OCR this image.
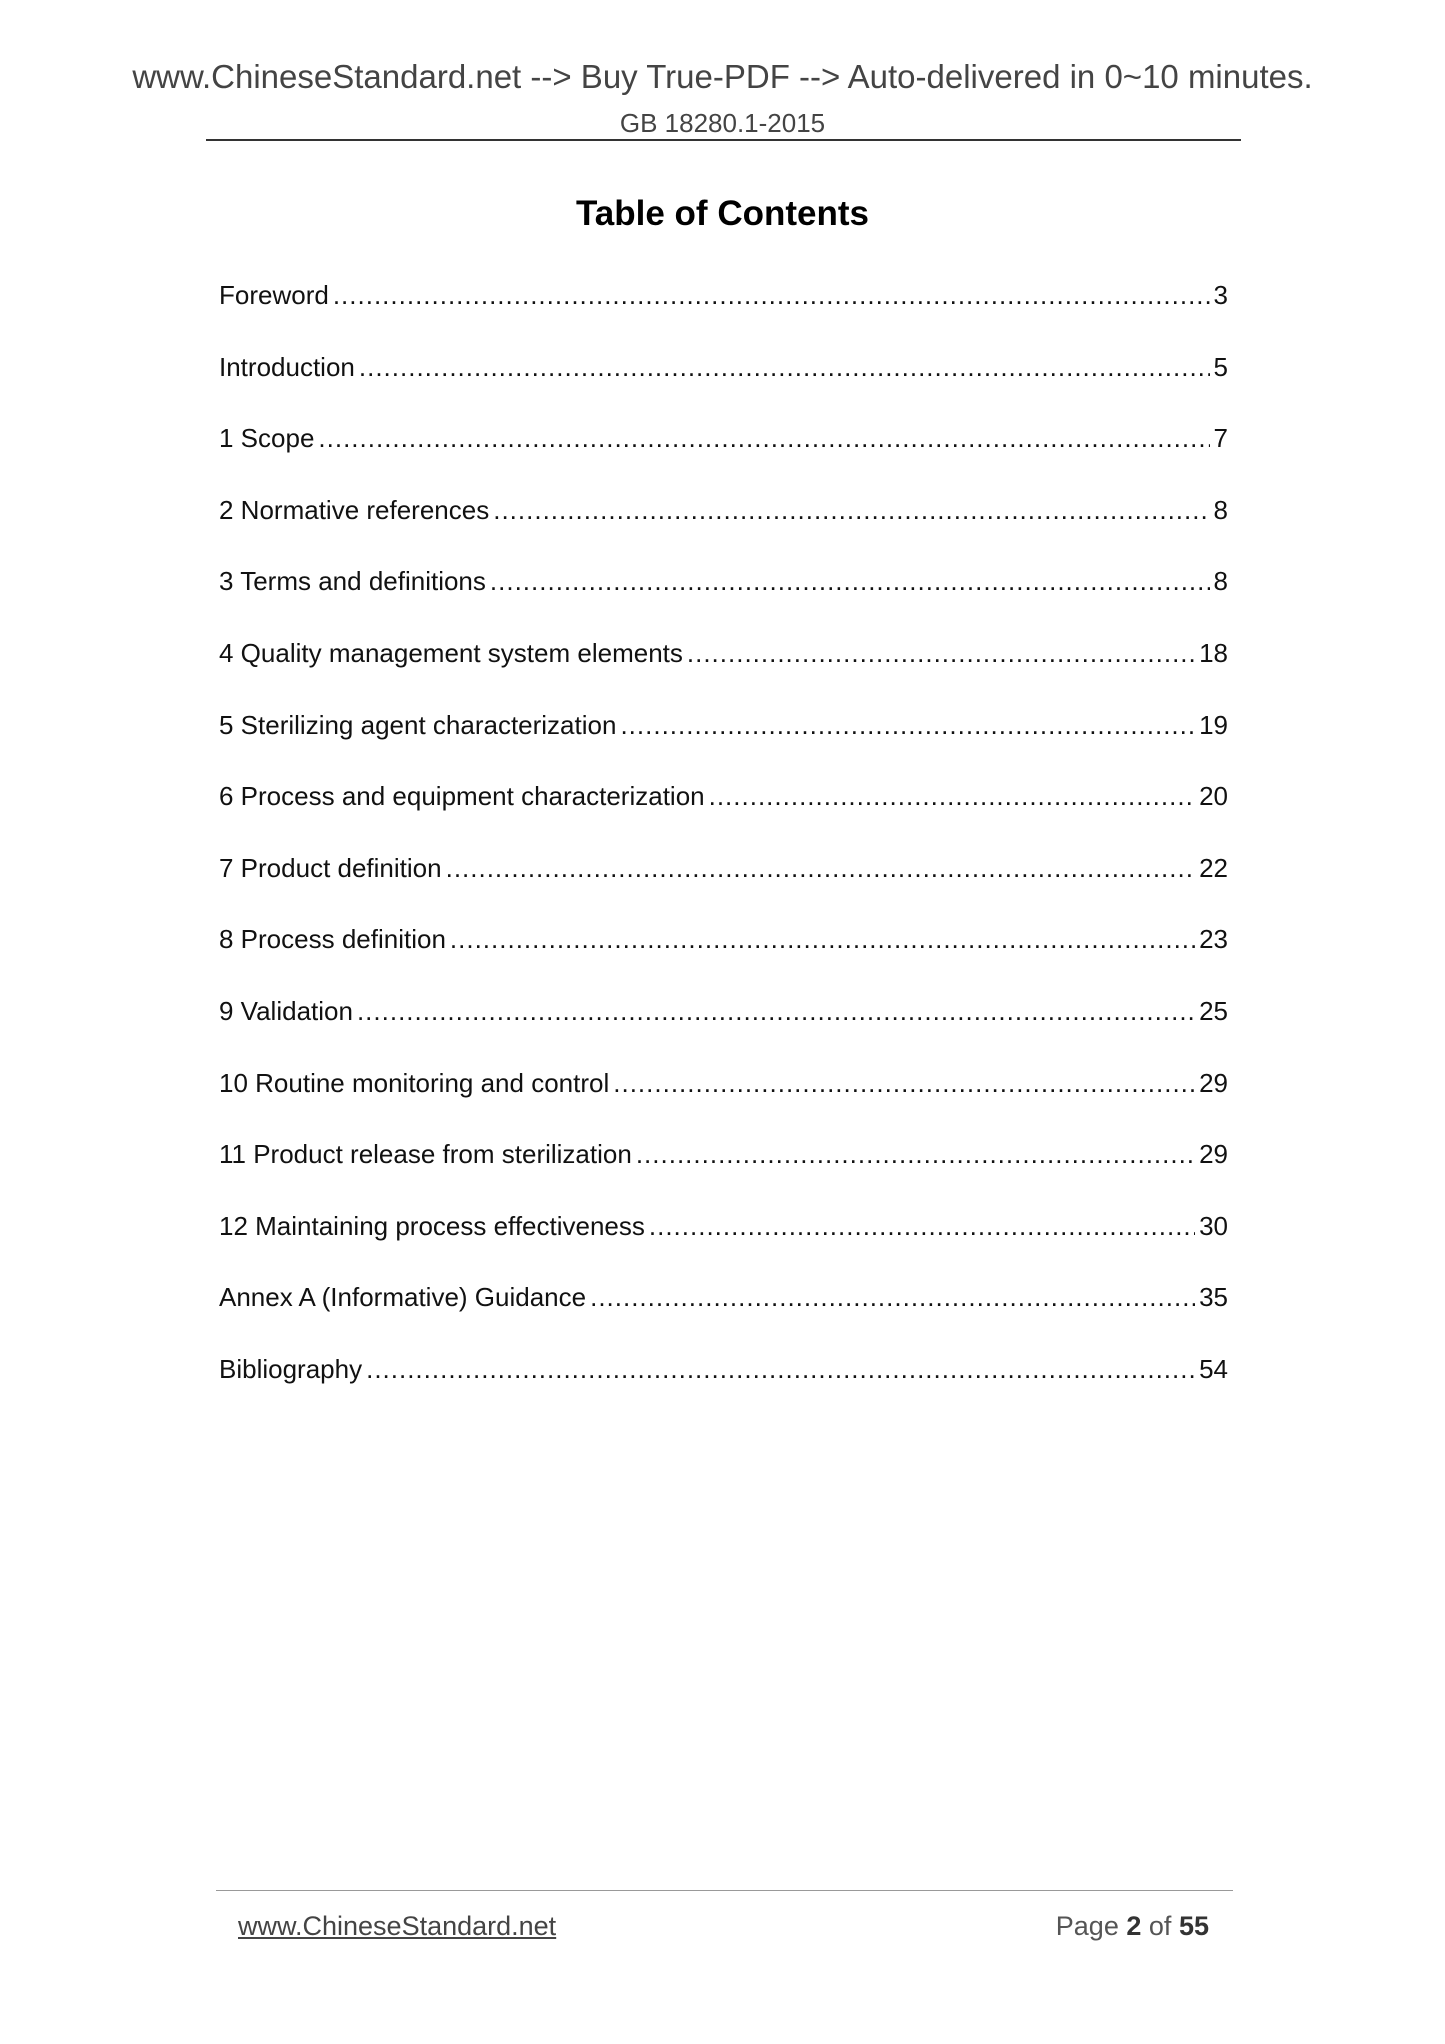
www.ChineseStandard.net --> Buy True-PDF --> Auto-delivered in 0~10 minutes.
GB 18280.1-2015
Table of Contents
Foreword .....	3
Introduction .....	5
1 Scope .....	7
2 Normative references .....	8
3 Terms and definitions .....	8
4 Quality management system elements .....	18
5 Sterilizing agent characterization .....	19
6 Process and equipment characterization .....	20
7 Product definition .....	22
8 Process definition .....	23
9 Validation .....	25
10 Routine monitoring and control .....	29
11 Product release from sterilization .....	29
12 Maintaining process effectiveness .....	30
Annex A (Informative) Guidance .....	35
Bibliography .....	54
www.ChineseStandard.net	Page 2 of 55
